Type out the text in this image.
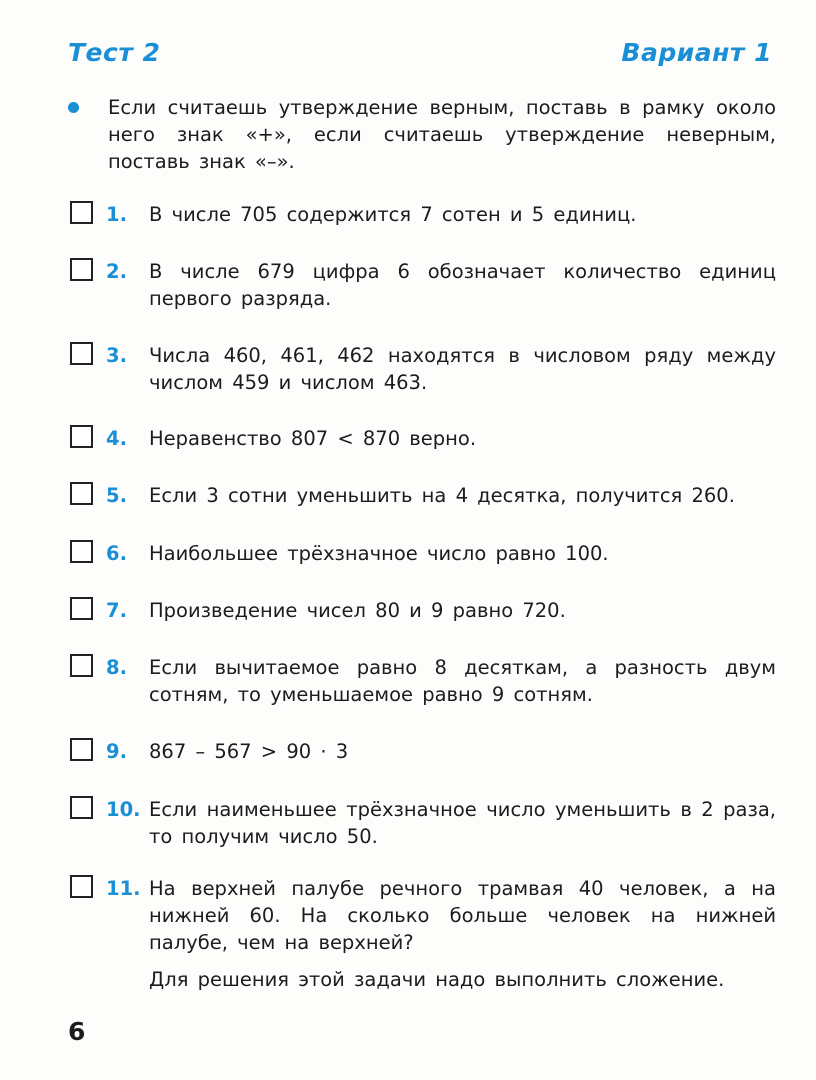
Тест 2	Вариант 1
Если считаешь утверждение верным, поставь в рамку около него знак «+», если считаешь утверждение неверным, поставь знак «–».
1. В числе 705 содержится 7 сотен и 5 единиц.
2. В числе 679 цифра 6 обозначает количество единиц первого разряда.
3. Числа 460, 461, 462 находятся в числовом ряду между числом 459 и числом 463.
4. Неравенство 807 < 870 верно.
5. Если 3 сотни уменьшить на 4 десятка, получится 260.
6. Наибольшее трёхзначное число равно 100.
7. Произведение чисел 80 и 9 равно 720.
8. Если вычитаемое равно 8 десяткам, а разность двум сотням, то уменьшаемое равно 9 сотням.
9. 867 – 567 > 90 · 3
10. Если наименьшее трёхзначное число уменьшить в 2 раза, то получим число 50.
11. На верхней палубе речного трамвая 40 человек, а на нижней 60. На сколько больше человек на нижней палубе, чем на верхней?
Для решения этой задачи надо выполнить сложение.
6
